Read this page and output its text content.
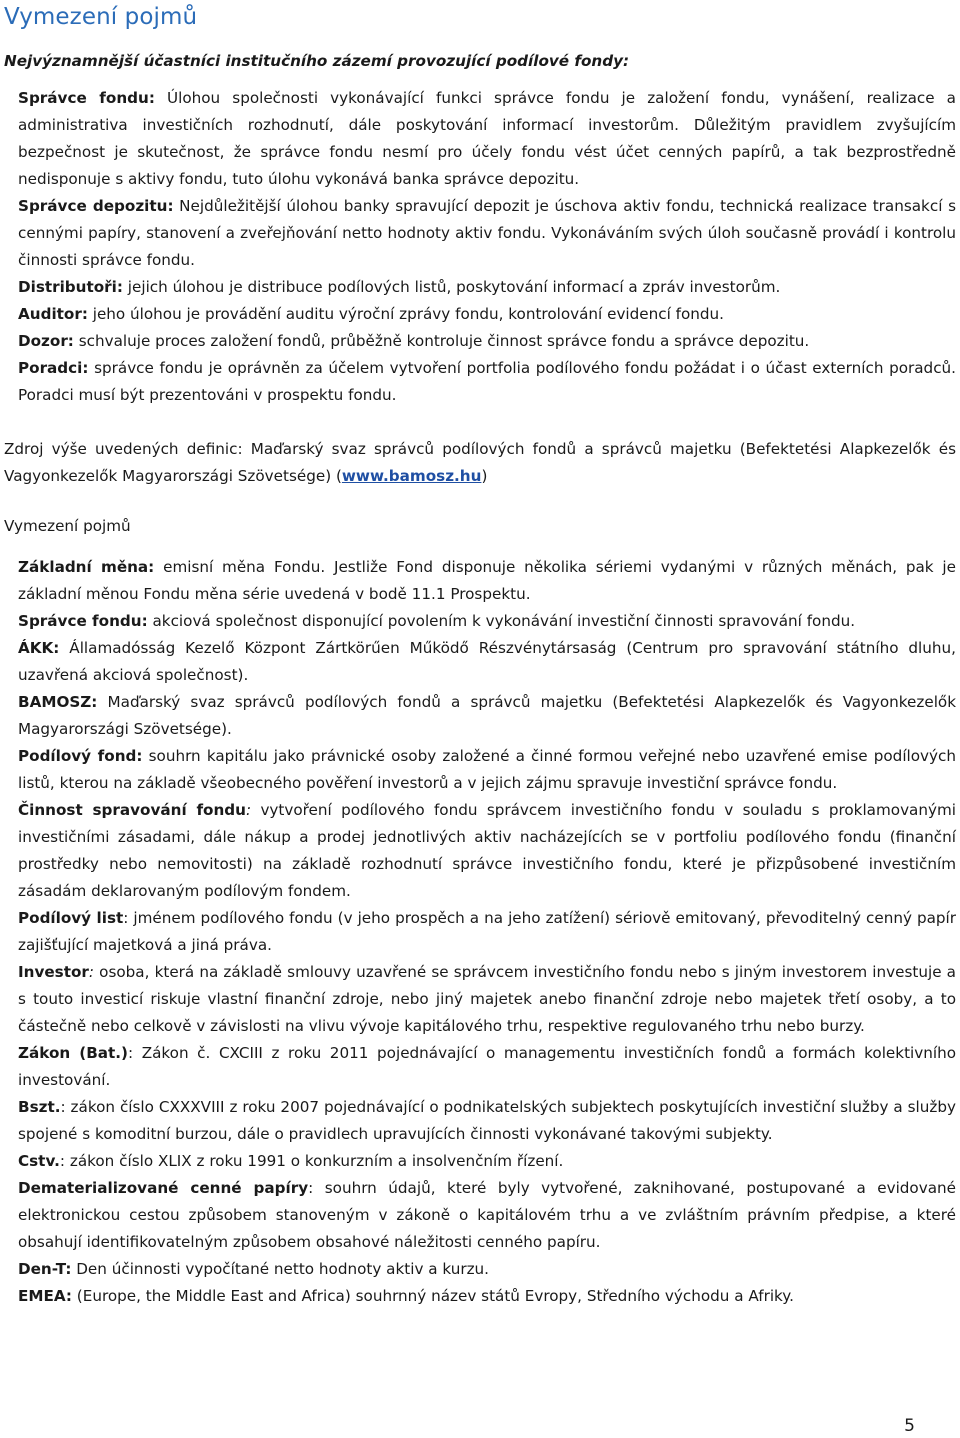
Vymezení pojmů

Nejvýznamnější účastníci institučního zázemí provozující podílové fondy:

Správce fondu: Úlohou společnosti vykonávající funkci správce fondu je založení fondu, vynášení, realizace a administrativa investičních rozhodnutí, dále poskytování informací investorům. Důležitým pravidlem zvyšujícím bezpečnost je skutečnost, že správce fondu nesmí pro účely fondu vést účet cenných papírů, a tak bezprostředně nedisponuje s aktivy fondu, tuto úlohu vykonává banka správce depozitu.

Správce depozitu: Nejdůležitější úlohou banky spravující depozit je úschova aktiv fondu, technická realizace transakcí s cennými papíry, stanovení a zveřejňování netto hodnoty aktiv fondu. Vykonáváním svých úloh současně provádí i kontrolu činnosti správce fondu.

Distributoři: jejich úlohou je distribuce podílových listů, poskytování informací a zpráv investorům.

Auditor: jeho úlohou je provádění auditu výroční zprávy fondu, kontrolování evidencí fondu.

Dozor: schvaluje proces založení fondů, průběžně kontroluje činnost správce fondu a správce depozitu.

Poradci: správce fondu je oprávněn za účelem vytvoření portfolia podílového fondu požádat i o účast externích poradců. Poradci musí být prezentováni v prospektu fondu.

Zdroj výše uvedených definic: Maďarský svaz správců podílových fondů a správců majetku (Befektetési Alapkezelők és Vagyonkezelők Magyarországi Szövetsége) (www.bamosz.hu)

Vymezení pojmů

Základní měna: emisní měna Fondu. Jestliže Fond disponuje několika sériemi vydanými v různých měnách, pak je základní měnou Fondu měna série uvedená v bodě 11.1 Prospektu.

Správce fondu: akciová společnost disponující povolením k vykonávání investiční činnosti spravování fondu.

ÁKK: Államadósság Kezelő Központ Zártkörűen Működő Részvénytársaság (Centrum pro spravování státního dluhu, uzavřená akciová společnost).

BAMOSZ: Maďarský svaz správců podílových fondů a správců majetku (Befektetési Alapkezelők és Vagyonkezelők Magyarországi Szövetsége).

Podílový fond: souhrn kapitálu jako právnické osoby založené a činné formou veřejné nebo uzavřené emise podílových listů, kterou na základě všeobecného pověření investorů a v jejich zájmu spravuje investiční správce fondu.

Činnost spravování fondu: vytvoření podílového fondu správcem investičního fondu v souladu s proklamovanými investičními zásadami, dále nákup a prodej jednotlivých aktiv nacházejících se v portfoliu podílového fondu (finanční prostředky nebo nemovitosti) na základě rozhodnutí správce investičního fondu, které je přizpůsobené investičním zásadám deklarovaným podílovým fondem.

Podílový list: jménem podílového fondu (v jeho prospěch a na jeho zatížení) sériově emitovaný, převoditelný cenný papír zajišťující majetková a jiná práva.

Investor: osoba, která na základě smlouvy uzavřené se správcem investičního fondu nebo s jiným investorem investuje a s touto investicí riskuje vlastní finanční zdroje, nebo jiný majetek anebo finanční zdroje nebo majetek třetí osoby, a to částečně nebo celkově v závislosti na vlivu vývoje kapitálového trhu, respektive regulovaného trhu nebo burzy.

Zákon (Bat.): Zákon č. CXCIII z roku 2011 pojednávající o managementu investičních fondů a formách kolektivního investování.

Bszt.: zákon číslo CXXXVIII z roku 2007 pojednávající o podnikatelských subjektech poskytujících investiční služby a služby spojené s komoditní burzou, dále o pravidlech upravujících činnosti vykonávané takovými subjekty.

Cstv.: zákon číslo XLIX z roku 1991 o konkurzním a insolvenčním řízení.

Dematerializované cenné papíry: souhrn údajů, které byly vytvořené, zaknihované, postupované a evidované elektronickou cestou způsobem stanoveným v zákoně o kapitálovém trhu a ve zvláštním právním předpise, a které obsahují identifikovatelným způsobem obsahové náležitosti cenného papíru.

Den-T: Den účinnosti vypočítané netto hodnoty aktiv a kurzu.

EMEA: (Europe, the Middle East and Africa) souhrnný název států Evropy, Středního východu a Afriky.

5
